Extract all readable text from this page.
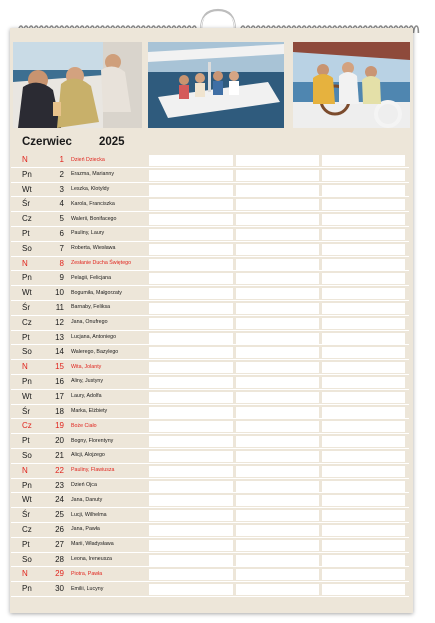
Czerwiec 2025
N	1 Dzień Dziecka
Pn	2 Erazma, Marianny
Wt	3 Leszka, Klotyldy
Śr	4 Karola, Franciszka
Cz	5 Walerii, Bonifacego
Pt	6 Pauliny, Laury
So	7 Roberta, Wiesława
N	8 Zesłanie Ducha Świętego
Pn	9 Pelagii, Felicjana
Wt	10 Bogumiła, Małgorzaty
Śr	11 Barnaby, Feliksa
Cz	12 Jana, Onufrego
Pt	13 Lucjana, Antoniego
So	14 Walerego, Bazylego
N	15 Wita, Jolanty
Pn	16 Aliny, Justyny
Wt	17 Laury, Adolfa
Śr	18 Marka, Elżbiety
Cz	19 Boże Ciało
Pt	20 Bogny, Florentyny
So	21 Alicji, Alojzego
N	22 Pauliny, Flawiusza
Pn	23 Dzień Ojca
Wt	24 Jana, Danuty
Śr	25 Lucji, Wilhelma
Cz	26 Jana, Pawła
Pt	27 Marii, Władysława
So	28 Leona, Ireneusza
N	29 Piotra, Pawła
Pn	30 Emilii, Lucyny
